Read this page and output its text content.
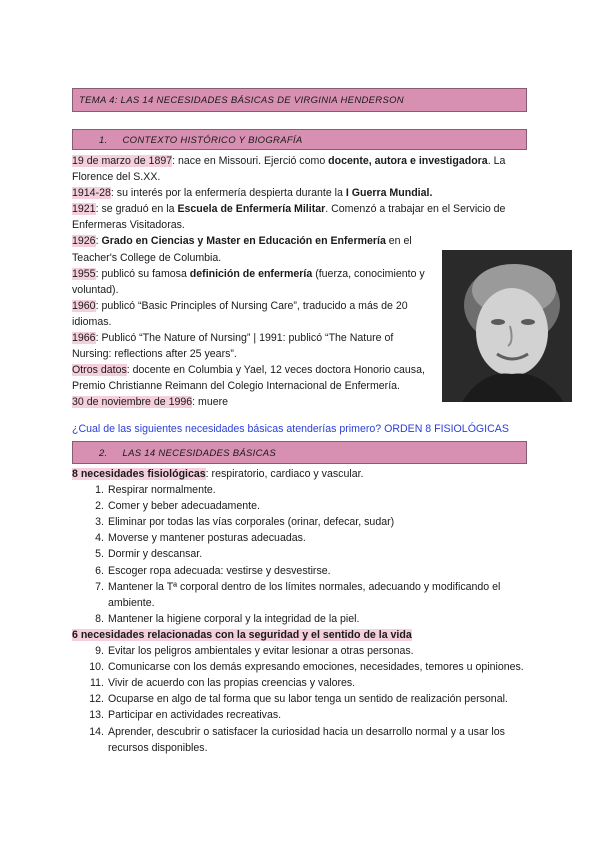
TEMA 4: LAS 14 NECESIDADES BÁSICAS DE VIRGINIA HENDERSON
1. CONTEXTO HISTÓRICO Y BIOGRAFÍA
19 de marzo de 1897: nace en Missouri. Ejerció como docente, autora e investigadora. La
Florence del S.XX.
1914-28: su interés por la enfermería despierta durante la I Guerra Mundial.
1921: se graduó en la Escuela de Enfermería Militar. Comenzó a trabajar en el Servicio de
Enfermeras Visitadoras.
1926: Grado en Ciencias y Master en Educación en Enfermería en el
Teacher's College de Columbia.
1955: publicó su famosa definición de enfermería (fuerza, conocimiento y
voluntad).
1960: publicó “Basic Principles of Nursing Care”, traducido a más de 20
idiomas.
1966: Publicó “The Nature of Nursing” | 1991: publicó “The Nature of
Nursing: reflections after 25 years”.
Otros datos: docente en Columbia y Yael, 12 veces doctora Honorio causa,
Premio Christianne Reimann del Colegio Internacional de Enfermería.
30 de noviembre de 1996: muere
¿Cual de las siguientes necesidades básicas atenderías primero? ORDEN 8 FISIOLÓGICAS
2. LAS 14 NECESIDADES BÁSICAS
8 necesidades fisiológicas: respiratorio, cardiaco y vascular.
1. Respirar normalmente.
2. Comer y beber adecuadamente.
3. Eliminar por todas las vías corporales (orinar, defecar, sudar)
4. Moverse y mantener posturas adecuadas.
5. Dormir y descansar.
6. Escoger ropa adecuada: vestirse y desvestirse.
7. Mantener la Tª corporal dentro de los límites normales, adecuando y modificando el ambiente.
8. Mantener la higiene corporal y la integridad de la piel.
6 necesidades relacionadas con la seguridad y el sentido de la vida
9. Evitar los peligros ambientales y evitar lesionar a otras personas.
10. Comunicarse con los demás expresando emociones, necesidades, temores u opiniones.
11. Vivir de acuerdo con las propias creencias y valores.
12. Ocuparse en algo de tal forma que su labor tenga un sentido de realización personal.
13. Participar en actividades recreativas.
14. Aprender, descubrir o satisfacer la curiosidad hacia un desarrollo normal y a usar los recursos disponibles.
